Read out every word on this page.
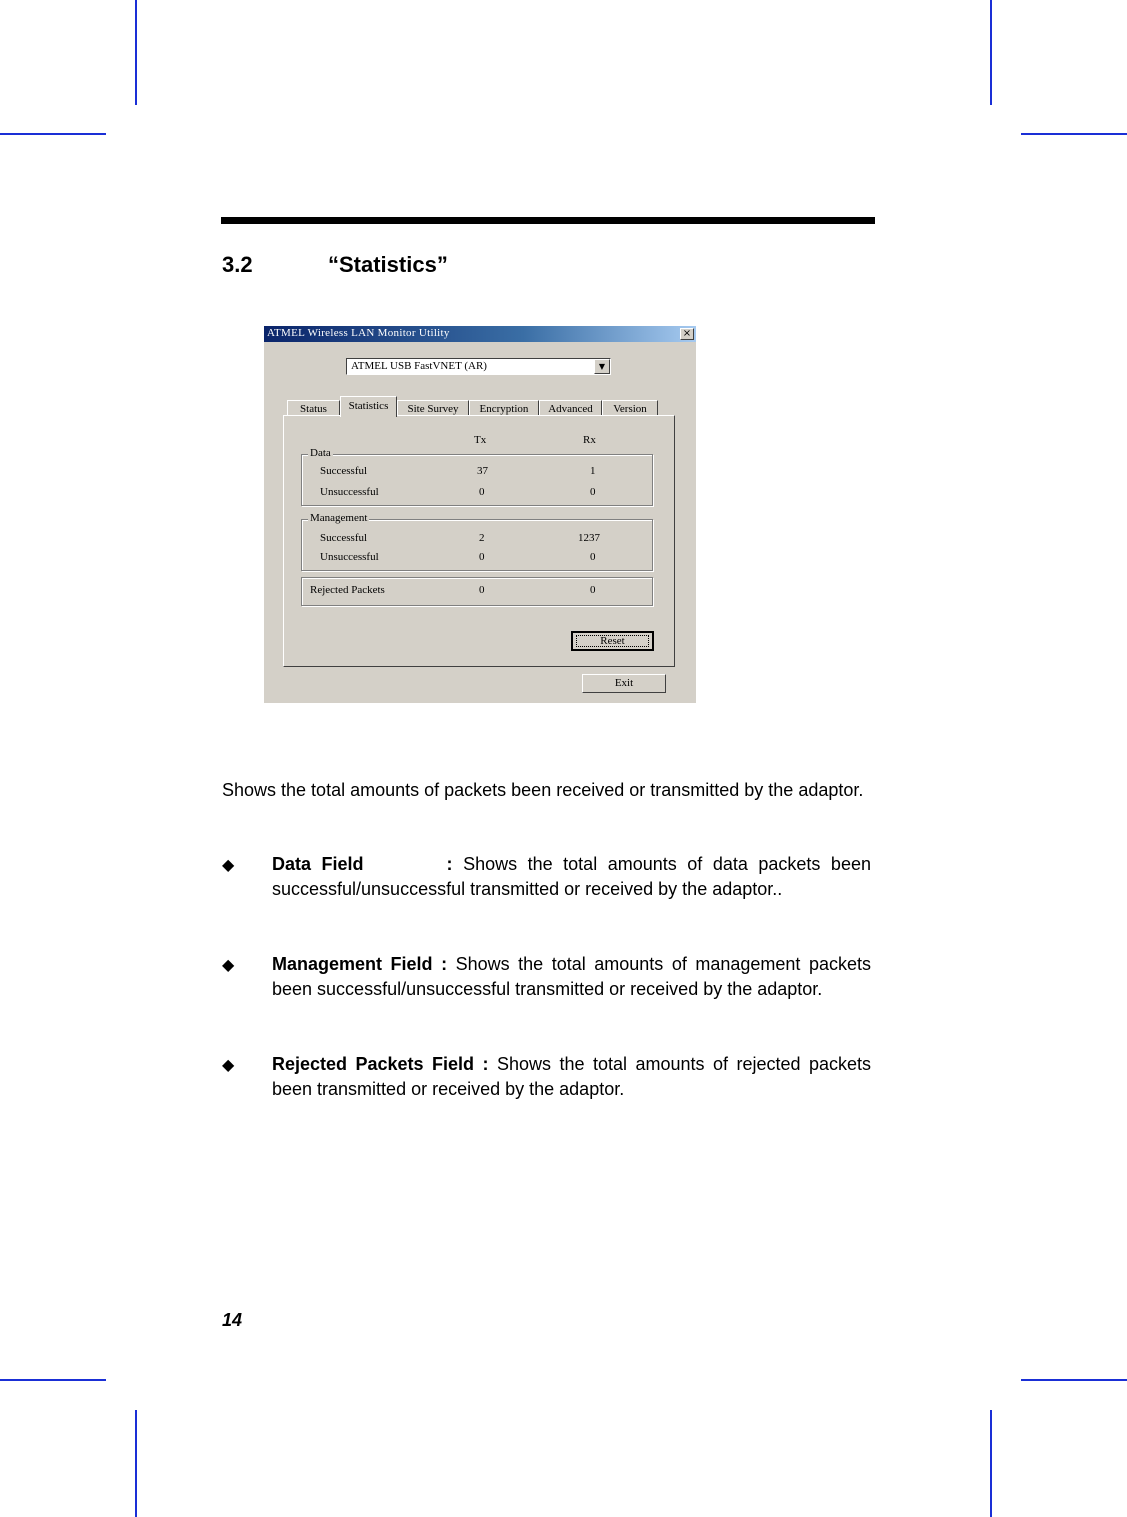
3.2	“Statistics”
ATMEL Wireless LAN Monitor Utility	×
ATMEL USB FastVNET (AR)	▼
Status	Statistics	Site Survey	Encryption	Advanced	Version
Tx	Rx
Data
Successful	37	1
Unsuccessful	0	0
Management
Successful	2	1237
Unsuccessful	0	0
Rejected Packets	0	0
Reset
Exit
Shows the total amounts of packets been received or transmitted by the adaptor.
◆ Data Field	: Shows the total amounts of data packets been successful/unsuccessful transmitted or received by the adaptor..
◆ Management Field : Shows the total amounts of management packets been successful/unsuccessful transmitted or received by the adaptor.
◆ Rejected Packets Field : Shows the total amounts of rejected packets been transmitted or received by the adaptor.
14
